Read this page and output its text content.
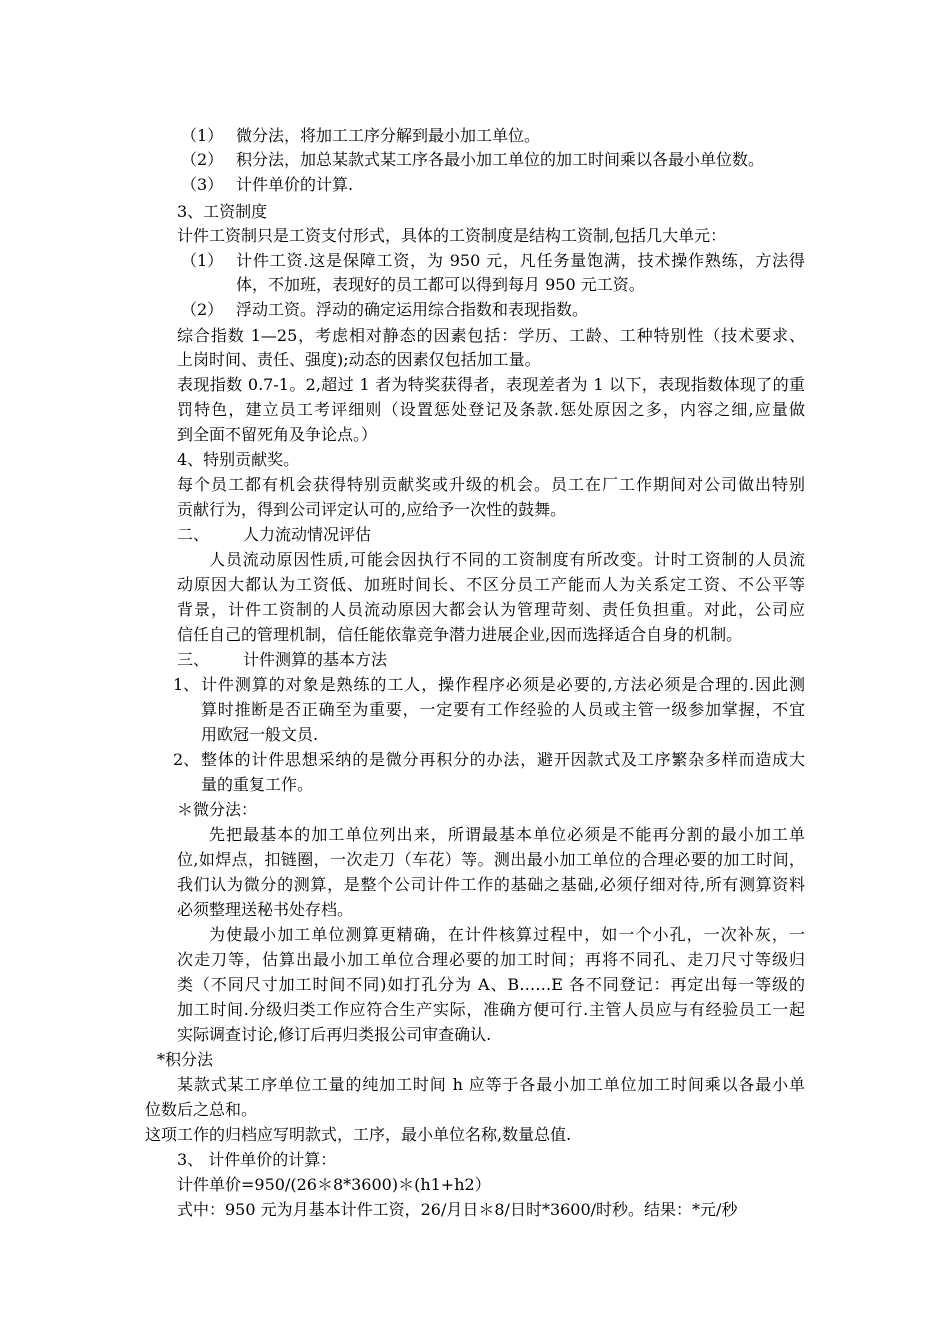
（1） 微分法，将加工工序分解到最小加工单位。

（2） 积分法，加总某款式某工序各最小加工单位的加工时间乘以各最小单位数。

（3） 计件单价的计算.

3、工资制度

计件工资制只是工资支付形式，具体的工资制度是结构工资制,包括几大单元：

（1） 计件工资.这是保障工资，为 950 元，凡任务量饱满，技术操作熟练，方法得

体，不加班，表现好的员工都可以得到每月 950 元工资。

（2） 浮动工资。浮动的确定运用综合指数和表现指数。

综合指数 1—25，考虑相对静态的因素包括：学历、工龄、工种特别性（技术要求、

上岗时间、责任、强度);动态的因素仅包括加工量。

表现指数 0.7-1。2,超过 1 者为特奖获得者，表现差者为 1 以下，表现指数体现了的重

罚特色，建立员工考评细则（设置惩处登记及条款.惩处原因之多，内容之细,应量做

到全面不留死角及争论点。）

4、特别贡献奖。

每个员工都有机会获得特别贡献奖或升级的机会。员工在厂工作期间对公司做出特别

贡献行为，得到公司评定认可的,应给予一次性的鼓舞。

二、 人力流动情况评估

人员流动原因性质,可能会因执行不同的工资制度有所改变。计时工资制的人员流

动原因大都认为工资低、加班时间长、不区分员工产能而人为关系定工资、不公平等

背景，计件工资制的人员流动原因大都会认为管理苛刻、责任负担重。对此，公司应

信任自己的管理机制，信任能依靠竞争潜力进展企业,因而选择适合自身的机制。

三、 计件测算的基本方法

1、 计件测算的对象是熟练的工人，操作程序必须是必要的,方法必须是合理的.因此测

算时推断是否正确至为重要，一定要有工作经验的人员或主管一级参加掌握，不宜

用欧冠一般文员.

2、 整体的计件思想采纳的是微分再积分的办法，避开因款式及工序繁杂多样而造成大

量的重复工作。

＊微分法：

先把最基本的加工单位列出来，所谓最基本单位必须是不能再分割的最小加工单

位,如焊点，扣链圈，一次走刀（车花）等。测出最小加工单位的合理必要的加工时间，

我们认为微分的测算，是整个公司计件工作的基础之基础,必须仔细对待,所有测算资料

必须整理送秘书处存档。

为使最小加工单位测算更精确，在计件核算过程中，如一个小孔，一次补灰，一

次走刀等，估算出最小加工单位合理必要的加工时间；再将不同孔、走刀尺寸等级归

类（不同尺寸加工时间不同)如打孔分为 A、B……E 各不同登记：再定出每一等级的

加工时间.分级归类工作应符合生产实际，准确方便可行.主管人员应与有经验员工一起

实际调查讨论,修订后再归类报公司审查确认.

*积分法

某款式某工序单位工量的纯加工时间 h 应等于各最小加工单位加工时间乘以各最小单

位数后之总和。

这项工作的归档应写明款式，工序，最小单位名称,数量总值.

3、 计件单价的计算：

计件单价=950/(26＊8*3600)＊(h1+h2）

式中：950 元为月基本计件工资，26/月日＊8/日时*3600/时秒。结果：*元/秒
